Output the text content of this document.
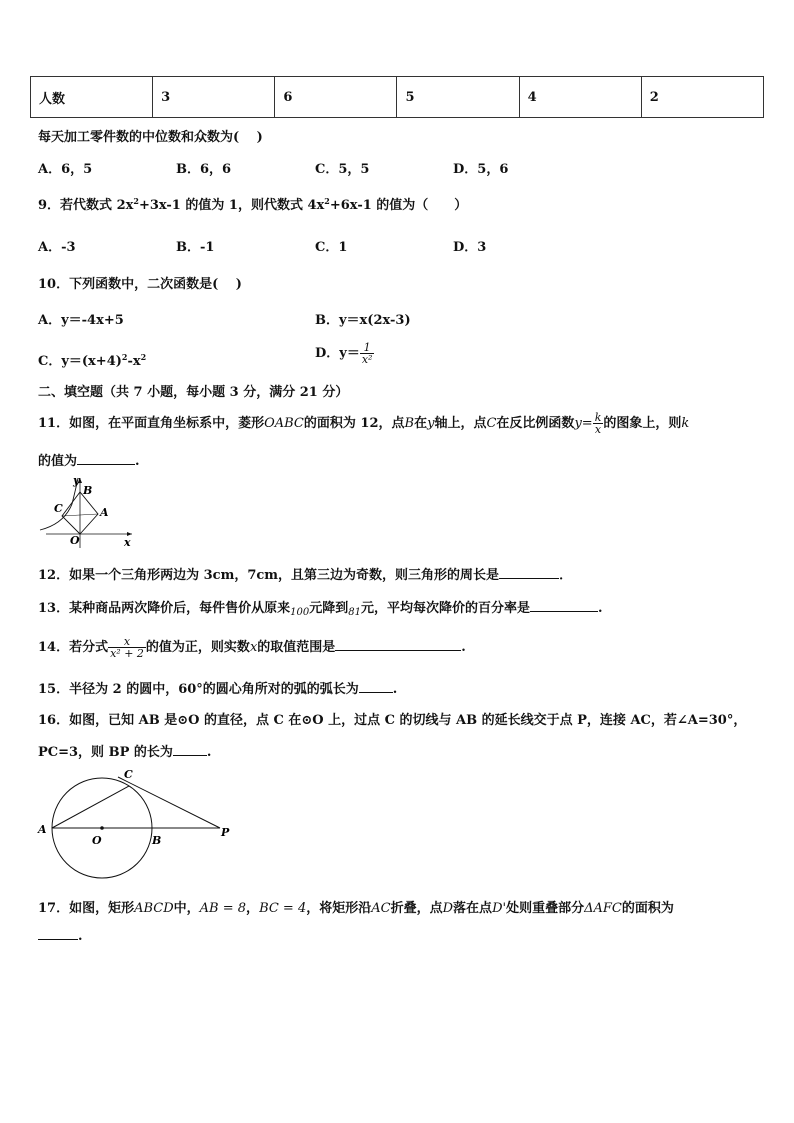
人数	3	6	5	4	2
每天加工零件数的中位数和众数为(　 )
A．6，5	B．6，6	C．5，5	D．5，6
9．若代数式 $2x^2+3x-1$ 的值为 1，则代数式 $4x^2+6x-1$ 的值为（　　）
A．-3	B．-1	C．1	D．3
10．下列函数中，二次函数是(　 )
A．y＝-4x+5	B．y＝x(2x-3)
C．$y=(x+4)^2-x^2$	D．$y= \frac{1}{\text{x²}}$
二、填空题（共 7 小题，每小题 3 分，满分 21 分）
11．如图，在平面直角坐标系中，菱形OABC的面积为 12，点B在y轴上，点C在反比例函数$y= \frac{k}{x}$ 的图象上，则k
的值为	.
y
B
C	A
O	x
12．如果一个三角形两边为 3cm，7cm，且第三边为奇数，则三角形的周长是	．
13．某种商品两次降价后，每件售价从原来$_{100}$元降到$_{81}$元，平均每次降价的百分率是	.
14．若分式 $\frac{x}{\text{x² + 2}}$ 的值为正，则实数x的取值范围是	.
15．半径为 2 的圆中，60°的圆心角所对的弧的弧长为	.
16．如图，已知 AB 是⊙O 的直径，点 C 在⊙O 上，过点 C 的切线与 AB 的延长线交于点 P，连接 AC，若∠A=30°，
PC=3，则 BP 的长为	.
A
O	B
P
C
17．如图，矩形ABCD中，AB = 8，BC = 4，将矩形沿AC折叠，点D落在点D'处则重叠部分ΔAFC的面积为
.
